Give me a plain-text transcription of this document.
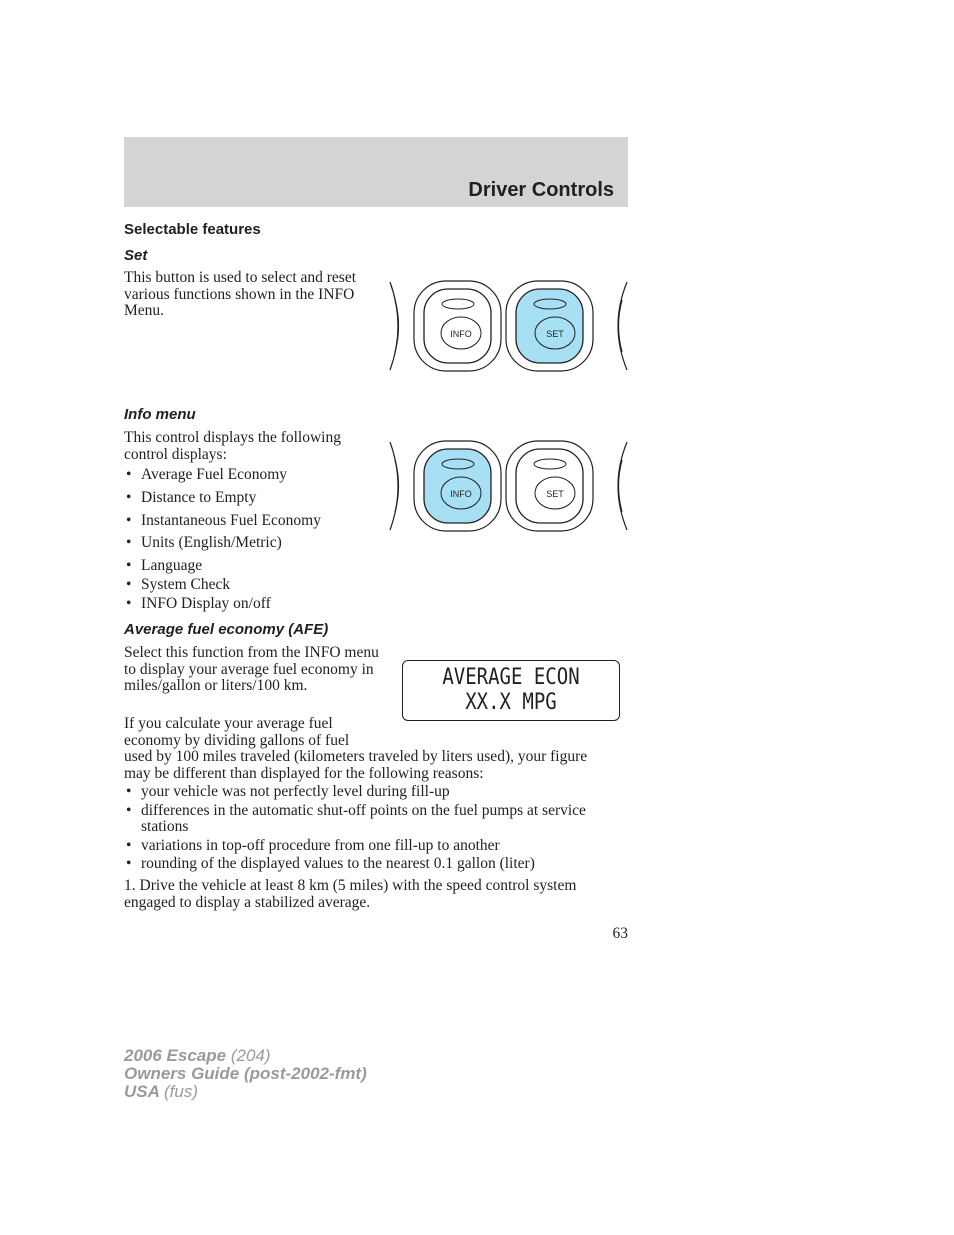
Driver Controls
Selectable features
Set
This button is used to select and reset various functions shown in the INFO Menu.
INFO	SET
Info menu
This control displays the following control displays:
• Average Fuel Economy
• Distance to Empty
• Instantaneous Fuel Economy
• Units (English/Metric)
• Language
• System Check
• INFO Display on/off
INFO	SET
Average fuel economy (AFE)
Select this function from the INFO menu to display your average fuel economy in miles/gallon or liters/100 km.	AVERAGE ECON
XX.X MPG
If you calculate your average fuel economy by dividing gallons of fuel used by 100 miles traveled (kilometers traveled by liters used), your figure may be different than displayed for the following reasons:
• your vehicle was not perfectly level during fill-up
• differences in the automatic shut-off points on the fuel pumps at service stations
• variations in top-off procedure from one fill-up to another
• rounding of the displayed values to the nearest 0.1 gallon (liter)
1. Drive the vehicle at least 8 km (5 miles) with the speed control system engaged to display a stabilized average.
63
2006 Escape (204)
Owners Guide (post-2002-fmt)
USA (fus)
